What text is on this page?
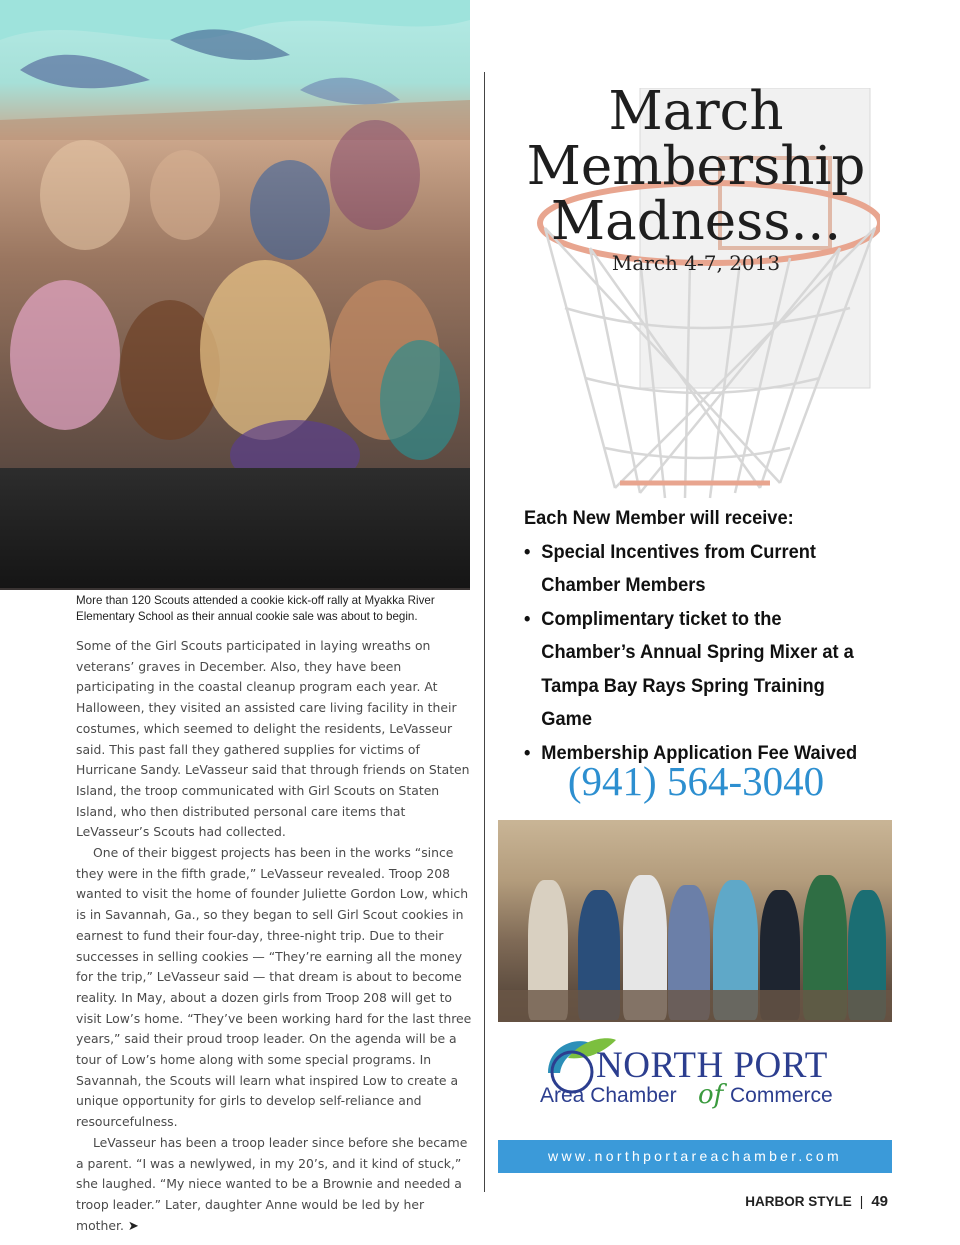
More than 120 Scouts attended a cookie kick-off rally at Myakka River Elementary School as their annual cookie sale was about to begin.

Some of the Girl Scouts participated in laying wreaths on veterans’ graves in December. Also, they have been participating in the coastal cleanup program each year. At Halloween, they visited an assisted care living facility in their costumes, which seemed to delight the residents, LeVasseur said. This past fall they gathered supplies for victims of Hurricane Sandy. LeVasseur said that through friends on Staten Island, the troop communicated with Girl Scouts on Staten Island, who then distributed personal care items that LeVasseur’s Scouts had collected.

One of their biggest projects has been in the works “since they were in the fifth grade,” LeVasseur revealed. Troop 208 wanted to visit the home of founder Juliette Gordon Low, which is in Savannah, Ga., so they began to sell Girl Scout cookies in earnest to fund their four-day, three-night trip. Due to their successes in selling cookies — “They’re earning all the money for the trip,” LeVasseur said — that dream is about to become reality. In May, about a dozen girls from Troop 208 will get to visit Low’s home. “They’ve been working hard for the last three years,” said their proud troop leader. On the agenda will be a tour of Low’s home along with some special programs. In Savannah, the Scouts will learn what inspired Low to create a unique opportunity for girls to develop self-reliance and resourcefulness.

LeVasseur has been a troop leader since before she became a parent. “I was a newlywed, in my 20’s, and it kind of stuck,” she laughed. “My niece wanted to be a Brownie and needed a troop leader.” Later, daughter Anne would be led by her mother. ➤

March
Membership
Madness...
March 4-7, 2013

Each New Member will receive:

• Special Incentives from Current Chamber Members
• Complimentary ticket to the Chamber’s Annual Spring Mixer at a Tampa Bay Rays Spring Training Game
• Membership Application Fee Waived
(941) 564-3040
NORTH PORT
Area Chamber of Commerce
www.northportareachamber.com
HARBOR STYLE | 49
